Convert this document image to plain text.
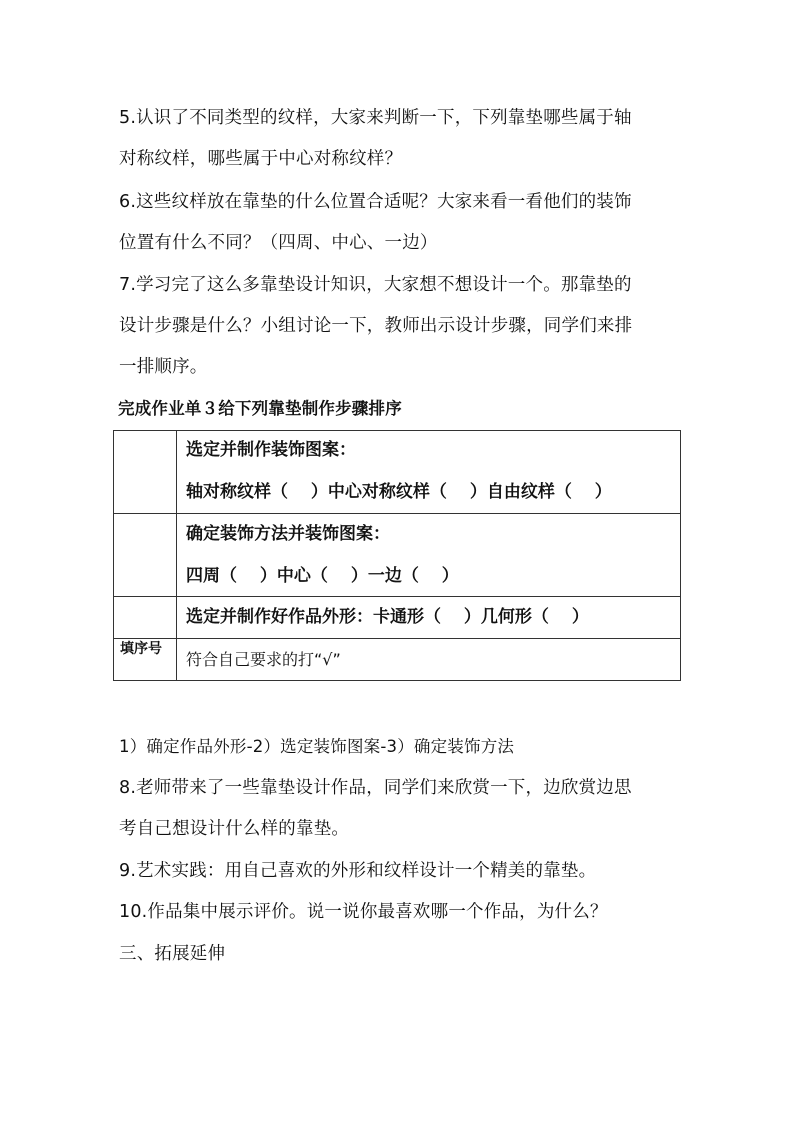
5.认识了不同类型的纹样，大家来判断一下，下列靠垫哪些属于轴
对称纹样，哪些属于中心对称纹样？
6.这些纹样放在靠垫的什么位置合适呢？大家来看一看他们的装饰
位置有什么不同？（四周、中心、一边）
7.学习完了这么多靠垫设计知识，大家想不想设计一个。那靠垫的
设计步骤是什么？小组讨论一下，教师出示设计步骤，同学们来排
一排顺序。
完成作业单３给下列靠垫制作步骤排序

	选定并制作装饰图案：
轴对称纹样（　 ）中心对称纹样（　 ）自由纹样（　 ）

	确定装饰方法并装饰图案：
四周（　 ）中心（　 ）一边（　 ）

	选定并制作好作品外形：卡通形（　 ）几何形（　 ）

填序号	符合自己要求的打“√”
1）确定作品外形-2）选定装饰图案-3）确定装饰方法
8.老师带来了一些靠垫设计作品，同学们来欣赏一下，边欣赏边思
考自己想设计什么样的靠垫。
9.艺术实践：用自己喜欢的外形和纹样设计一个精美的靠垫。
10.作品集中展示评价。说一说你最喜欢哪一个作品，为什么？
三、拓展延伸
